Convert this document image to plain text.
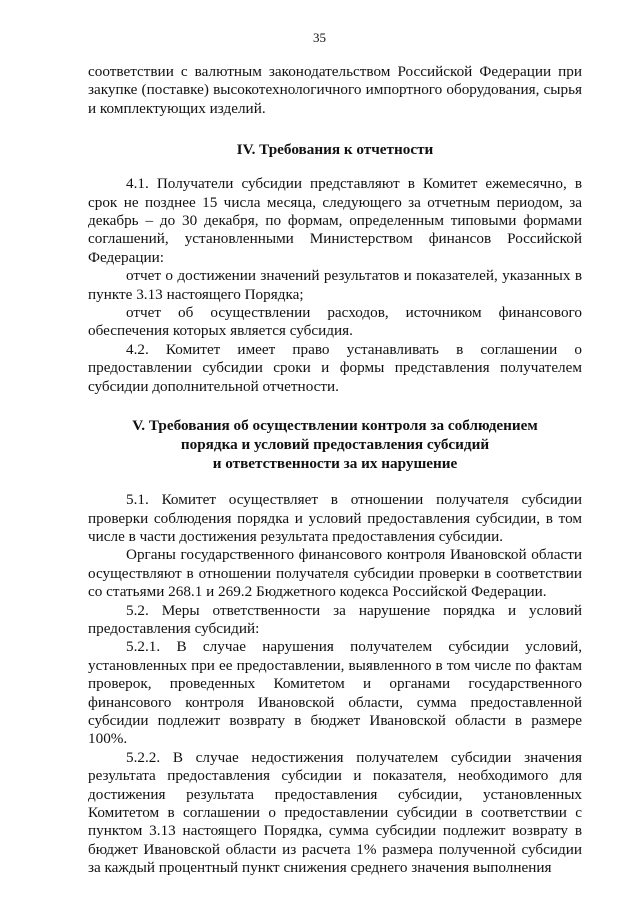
35

соответствии с валютным законодательством Российской Федерации при закупке (поставке) высокотехнологичного импортного оборудования, сырья и комплектующих изделий.

IV. Требования к отчетности

4.1. Получатели субсидии представляют в Комитет ежемесячно, в срок не позднее 15 числа месяца, следующего за отчетным периодом, за декабрь – до 30 декабря, по формам, определенным типовыми формами соглашений, установленными Министерством финансов Российской Федерации:

отчет о достижении значений результатов и показателей, указанных в пункте 3.13 настоящего Порядка;

отчет об осуществлении расходов, источником финансового обеспечения которых является субсидия.

4.2. Комитет имеет право устанавливать в соглашении о предоставлении субсидии сроки и формы представления получателем субсидии дополнительной отчетности.

V. Требования об осуществлении контроля за соблюдением
порядка и условий предоставления субсидий
и ответственности за их нарушение

5.1. Комитет осуществляет в отношении получателя субсидии проверки соблюдения порядка и условий предоставления субсидии, в том числе в части достижения результата предоставления субсидии.

Органы государственного финансового контроля Ивановской области осуществляют в отношении получателя субсидии проверки в соответствии со статьями 268.1 и 269.2 Бюджетного кодекса Российской Федерации.

5.2. Меры ответственности за нарушение порядка и условий предоставления субсидий:

5.2.1. В случае нарушения получателем субсидии условий, установленных при ее предоставлении, выявленного в том числе по фактам проверок, проведенных Комитетом и органами государственного финансового контроля Ивановской области, сумма предоставленной субсидии подлежит возврату в бюджет Ивановской области в размере 100%.

5.2.2. В случае недостижения получателем субсидии значения результата предоставления субсидии и показателя, необходимого для достижения результата предоставления субсидии, установленных Комитетом в соглашении о предоставлении субсидии в соответствии с пунктом 3.13 настоящего Порядка, сумма субсидии подлежит возврату в бюджет Ивановской области из расчета 1% размера полученной субсидии за каждый процентный пункт снижения среднего значения выполнения
